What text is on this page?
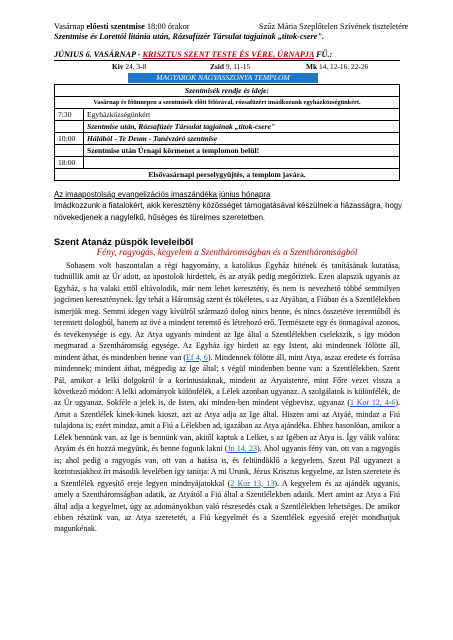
Vasárnap előesti szentmise 18:00 órakor	Szűz Mária Szeplőtelen Szívének tiszteletére
Szentmise és Lorettói litánia után, Rózsafüzér Társulat tagjainak „titok-csere".
JÚNIUS 6. VASÁRNAP - KRISZTUS SZENT TESTE ÉS VÉRE, ÚRNAPJA FŰ.:
Kiv 24, 3-8	Zsid 9, 11-15	Mk 14, 12-16. 22-26
MAGYAROK NAGYASSZONYA TEMPLOM
Szentmisék rendje és ideje:	
Vasárnap és főünnepen a szentmisék előtt félórával, rózsafüzért imádkozunk egyházközségünkért.	
7:30	Egyházközségünkért
	Szentmise után, Rózsafüzér Társulat tagjainak „titok-csere"
10:00	Hálából - Te Deum - Tanévzáró szentmise
	Szentmise után Úrnapi körmenet a templomon belül!
18:00	
Elsővasárnapi perselygyűjtés, a templom javára.	
Az imaapostolság evangelizációs imaszándéka június hónapra
Imádkozzunk a fiatalokért, akik keresztény közösséget támogatásával készülnek a házasságra, hogy növekedjenek a nagylelkű, hűséges és türelmes szeretetben.
Szent Atanáz püspök leveleiből
Fény, ragyogás, kegyelem a Szentháromságban és a Szentháromságból

Sohasem volt haszontalan a régi hagyomány, a katolikus Egyház hitének és tanításának kutatása, tudniillik amit az Úr adott, az apostolok hirdettek, és az atyák pedig megőriztek. Ezen alapszik ugyanis az Egyház, s ha valaki ettől eltávolodik, már nem lehet keresztény, és nem is nevezhető többé semmilyen jogcímen kereszténynek. Így tehát a Háromság szent és tökéletes, s az Atyában, a Fiúban és a Szentlélekben ismerjük meg. Semmi idegen vagy kívülről származó dolog nincs benne, és nincs összetéve teremtőből és teremtett dologból, hanem az övé a mindent teremtő és létrehozó erő. Természete egy és önmagával azonos, és tevékenysége is egy. Az Atya ugyanis mindent az Ige által a Szentlélekben cselekszik, s így módon megmarad a Szentháromság egysége. Az Egyház így hirdeti az egy Istent, aki mindennek fölötte áll, mindent áthat, és mindenben benne van (Ef 4, 6). Mindennek fölötte áll, mint Atya, aszaz eredete és forrása mindennek; mindent áthat, mégpedig az Ige által; s végül mindenben benne van: a Szentlélekben. Szent Pál, amikor a lelki dolgokról ír a korintusiaknak, mindent az Atyaistenre, mint Főre vezet vissza a következő módon: A lelki adományok különfélék, a Lélek azonban ugyanaz. A szolgálatok is különfélék, de az Úr ugyanaz. Sokféle a jelek is, de Isten, aki minden-ben mindent végbevisz, ugyanaz (1 Kor 12, 4-6). Amit a Szentlélek kinek-kinek kioszt, azt az Atya adja az Ige által. Hiszen ami az Atyáé, mindaz a Fiú tulajdona is; ezért mindaz, amit a Fiú a Lélekben ad, igazában az Atya ajándéka. Ehhez hasonlóan, amikor a Lélek bennünk van, az Ige is bennünk van, akitől kaptuk a Lelket, s az Igében az Atya is. Így válik valóra: Atyám és én hozzá megyünk, és benne fogunk lakni (Jn 14, 23). Ahol ugyanis fény van, ott van a ragyogás is; ahol pedig a ragyogás van, ott van a hatása is, és feltündöklő a kegyelem. Szent Pál ugyanezt a korintusiakhoz írt második levelében így tanítja: A mi Urunk, Jézus Krisztus kegyelme, az Isten szeretete és a Szentlélek egyesítő ereje legyen mindnyájatokkal (2 Kor 13, 13). A kegyelem és az ajándék ugyanis, amely a Szentháromságban adatik, az Atyától a Fiú által a Szentlélekben adatik. Mert amint az Atya a Fiú által adja a kegyelmet, úgy az adományokban való részesedés csak a Szentlélekben lehetséges. De amikor ebben részünk van, az Atya szeretetét, a Fiú kegyelmét és a Szentlélek egyesítő erejét mondhatjuk magunkénak.
